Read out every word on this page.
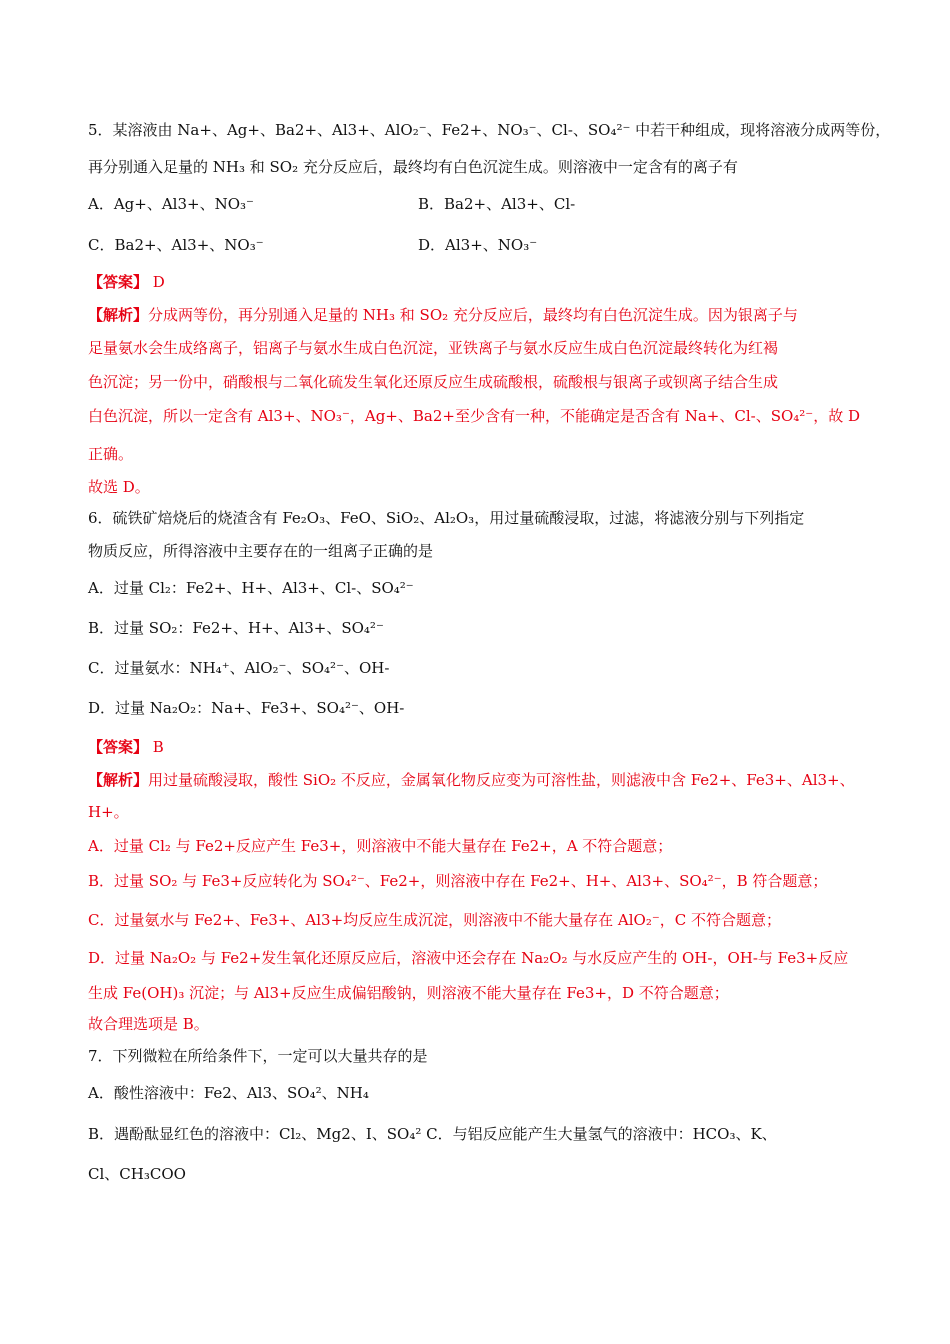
5．某溶液由 Na+、Ag+、Ba2+、Al3+、AlO₂⁻、Fe2+、NO₃⁻、Cl-、SO₄²⁻ 中若干种组成，现将溶液分成两等份，
再分别通入足量的 NH₃ 和 SO₂ 充分反应后，最终均有白色沉淀生成。则溶液中一定含有的离子有
A．Ag+、Al3+、NO₃⁻	B．Ba2+、Al3+、Cl-
C．Ba2+、Al3+、NO₃⁻	D．Al3+、NO₃⁻
【答案】 D
【解析】分成两等份，再分别通入足量的 NH₃ 和 SO₂ 充分反应后，最终均有白色沉淀生成。因为银离子与
足量氨水会生成络离子，铝离子与氨水生成白色沉淀，亚铁离子与氨水反应生成白色沉淀最终转化为红褐
色沉淀；另一份中，硝酸根与二氧化硫发生氧化还原反应生成硫酸根，硫酸根与银离子或钡离子结合生成
白色沉淀，所以一定含有 Al3+、NO₃⁻，Ag+、Ba2+至少含有一种，不能确定是否含有 Na+、Cl-、SO₄²⁻，故 D
正确。
故选 D。
6．硫铁矿焙烧后的烧渣含有 Fe₂O₃、FeO、SiO₂、Al₂O₃，用过量硫酸浸取，过滤，将滤液分别与下列指定
物质反应，所得溶液中主要存在的一组离子正确的是
A．过量 Cl₂：Fe2+、H+、Al3+、Cl-、SO₄²⁻
B．过量 SO₂：Fe2+、H+、Al3+、SO₄²⁻
C．过量氨水：NH₄⁺、AlO₂⁻、SO₄²⁻、OH-
D．过量 Na₂O₂：Na+、Fe3+、SO₄²⁻、OH-
【答案】 B
【解析】用过量硫酸浸取，酸性 SiO₂ 不反应，金属氧化物反应变为可溶性盐，则滤液中含 Fe2+、Fe3+、Al3+、
H+。
A．过量 Cl₂ 与 Fe2+反应产生 Fe3+，则溶液中不能大量存在 Fe2+，A 不符合题意；
B．过量 SO₂ 与 Fe3+反应转化为 SO₄²⁻、Fe2+，则溶液中存在 Fe2+、H+、Al3+、SO₄²⁻，B 符合题意；
C．过量氨水与 Fe2+、Fe3+、Al3+均反应生成沉淀，则溶液中不能大量存在 AlO₂⁻，C 不符合题意；
D．过量 Na₂O₂ 与 Fe2+发生氧化还原反应后，溶液中还会存在 Na₂O₂ 与水反应产生的 OH-，OH-与 Fe3+反应
生成 Fe(OH)₃ 沉淀；与 Al3+反应生成偏铝酸钠，则溶液不能大量存在 Fe3+，D 不符合题意；
故合理选项是 B。
7．下列微粒在所给条件下，一定可以大量共存的是
A．酸性溶液中：Fe2、Al3、SO₄²、NH₄
B．遇酚酞显红色的溶液中：Cl₂、Mg2、I、SO₄² C．与铝反应能产生大量氢气的溶液中：HCO₃、K、
Cl、CH₃COO
